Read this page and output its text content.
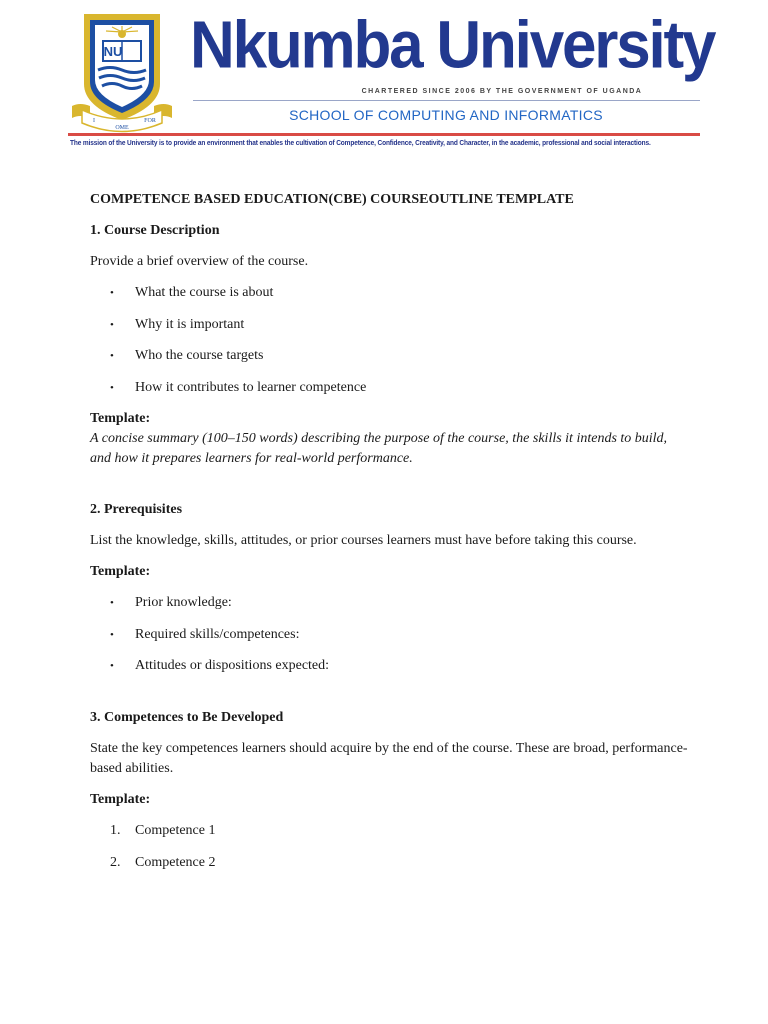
NU
I
OME
FOR
Nkumba University
CHARTERED SINCE 2006 BY THE GOVERNMENT OF UGANDA
SCHOOL OF COMPUTING AND INFORMATICS
The mission of the University is to provide an environment that enables the cultivation of Competence, Confidence, Creativity, and Character, in the academic, professional and social interactions.

COMPETENCE BASED EDUCATION(CBE) COURSEOUTLINE TEMPLATE

1. Course Description

Provide a brief overview of the course.

• What the course is about
• Why it is important
• Who the course targets
• How it contributes to learner competence

Template:

A concise summary (100–150 words) describing the purpose of the course, the skills it intends to build, and how it prepares learners for real-world performance.

2. Prerequisites

List the knowledge, skills, attitudes, or prior courses learners must have before taking this course.

Template:

• Prior knowledge:
• Required skills/competences:
• Attitudes or dispositions expected:

3. Competences to Be Developed

State the key competences learners should acquire by the end of the course. These are broad, performance-based abilities.

Template:

1. Competence 1
2. Competence 2
